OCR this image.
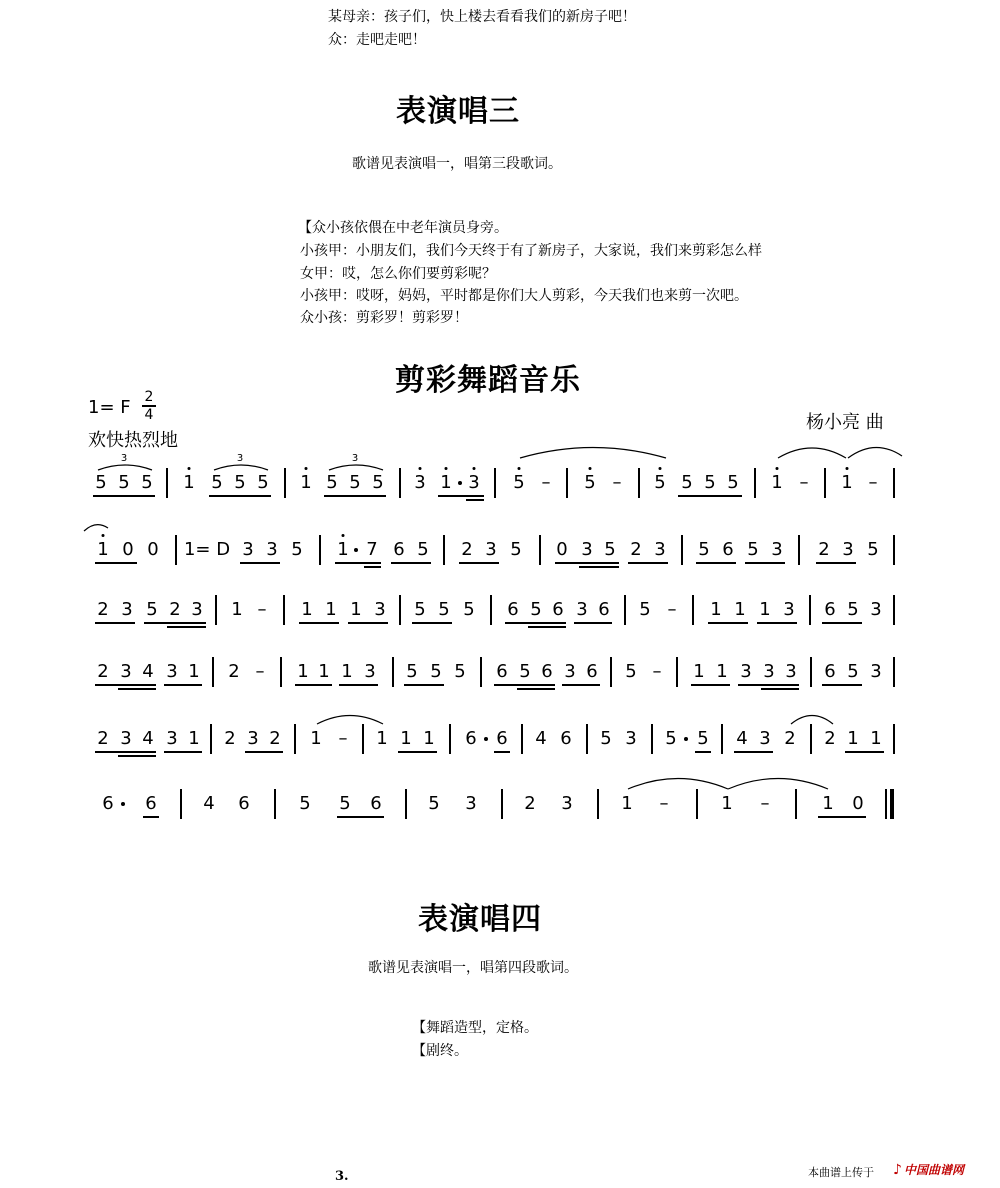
某母亲：孩子们，快上楼去看看我们的新房子吧！
众：走吧走吧！
表演唱三
歌谱见表演唱一，唱第三段歌词。
【众小孩依偎在中老年演员身旁。
小孩甲：小朋友们，我们今天终于有了新房子，大家说，我们来剪彩怎么样
女甲：哎，怎么你们要剪彩呢？
小孩甲：哎呀，妈妈，平时都是你们大人剪彩，今天我们也来剪一次吧。
众小孩：剪彩罗！剪彩罗！
剪彩舞蹈音乐
1= F 2
4
欢快热烈地
杨小亮 曲
5 5 5
3
1 5 5 5
3
1 5 5 5
3
3 1 3 5 – 5 – 5 5 5 5 1 – 1 –
1 0 0 1= D 3 3 5 1 7 6 5 2 3 5 0 3 5 2 3 5 6 5 3 2 3 5
2 3 5 2 3 1 – 1 1 1 3 5 5 5 6 5 6 3 6 5 – 1 1 1 3 6 5 3
2 3 4 3 1 2 – 1 1 1 3 5 5 5 6 5 6 3 6 5 – 1 1 3 3 3 6 5 3
2 3 4 3 1 2 3 2 1 – 1 1 1 6 6 4 6 5 3 5 5 4 3 2 2 1 1
6 6	4 6	5 5 6	5 3	2 3	1 –	1 –	1 0
表演唱四
歌谱见表演唱一，唱第四段歌词。
【舞蹈造型，定格。
【剧终。
3.	本曲谱上传于 ♪ 中国曲谱网
